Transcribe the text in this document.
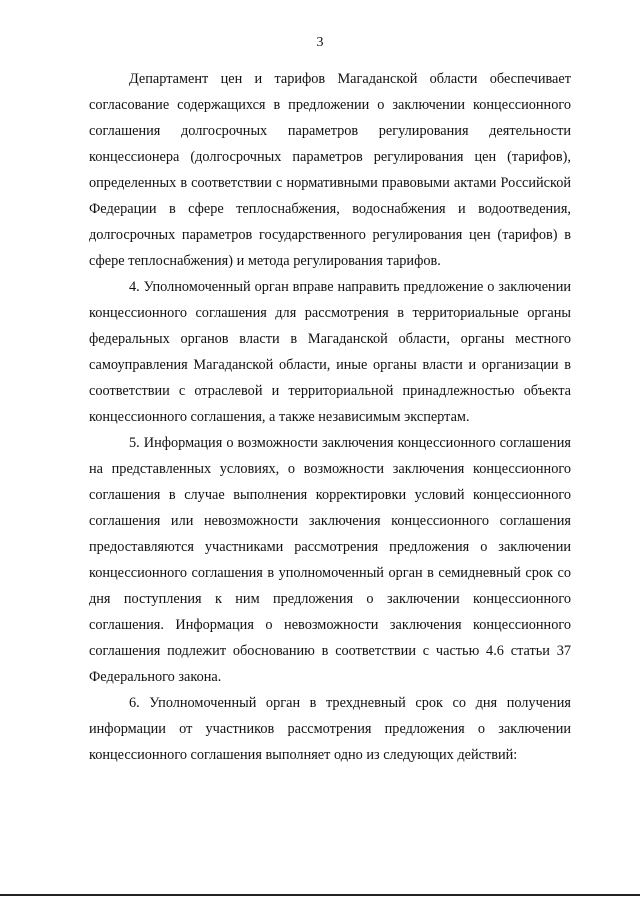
3

Департамент цен и тарифов Магаданской области обеспечивает согласование содержащихся в предложении о заключении концессионного соглашения долгосрочных параметров регулирования деятельности концессионера (долгосрочных параметров регулирования цен (тарифов), определенных в соответствии с нормативными правовыми актами Российской Федерации в сфере теплоснабжения, водоснабжения и водоотведения, долгосрочных параметров государственного регулирования цен (тарифов) в сфере теплоснабжения) и метода регулирования тарифов.

4. Уполномоченный орган вправе направить предложение о заключении концессионного соглашения для рассмотрения в территориальные органы федеральных органов власти в Магаданской области, органы местного самоуправления Магаданской области, иные органы власти и организации в соответствии с отраслевой и территориальной принадлежностью объекта концессионного соглашения, а также независимым экспертам.

5. Информация о возможности заключения концессионного соглашения на представленных условиях, о возможности заключения концессионного соглашения в случае выполнения корректировки условий концессионного соглашения или невозможности заключения концессионного соглашения предоставляются участниками рассмотрения предложения о заключении концессионного соглашения в уполномоченный орган в семидневный срок со дня поступления к ним предложения о заключении концессионного соглашения. Информация о невозможности заключения концессионного соглашения подлежит обоснованию в соответствии с частью 4.6 статьи 37 Федерального закона.

6. Уполномоченный орган в трехдневный срок со дня получения информации от участников рассмотрения предложения о заключении концессионного соглашения выполняет одно из следующих действий:
